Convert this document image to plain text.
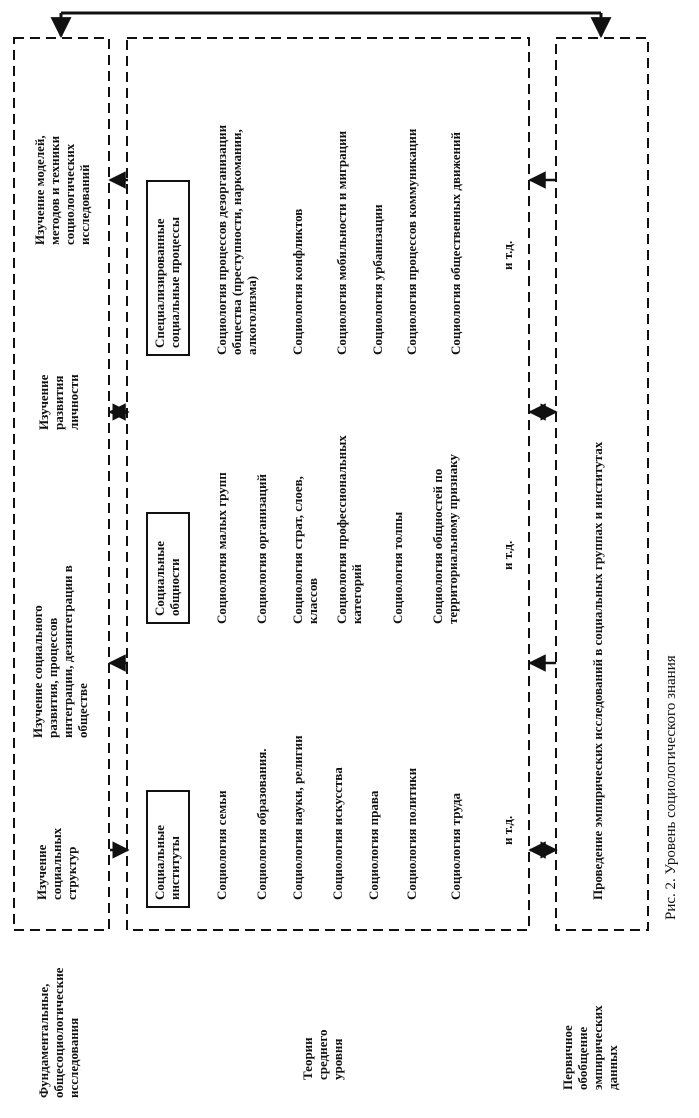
Фундаментальные, общесоциологические исследования	Теории среднего уровня	Первичное обобщение эмпирических данных
Изучение социальных структур
Изучение социального развития, процессов интеграции, дезинтеграции в обществе
Изучение развития личности
Изучение моделей, методов и техники социологических исследований
Социальные институты
Социальные общности
Специализированные социальные процессы
Социология семьи Социология образования. Социология науки, религии Социология искусства Социология права Социология политики Социология труда	и т.д.
Социология малых групп Социология организаций Социология страт, слоев, классов Социология профессиональных категорий Социология толпы Социология общностей по территориальному признаку	и т.д.
Социология процессов дезорганизации общества (преступности, наркомании, алкоголизма) Социология конфликтов Социология мобильности и миграции Социология урбанизации Социология процессов коммуникации Социология общественных движений	и т.д.
Проведение эмпирических исследований в социальных группах и институтах	Рис. 2. Уровень социологического знания
